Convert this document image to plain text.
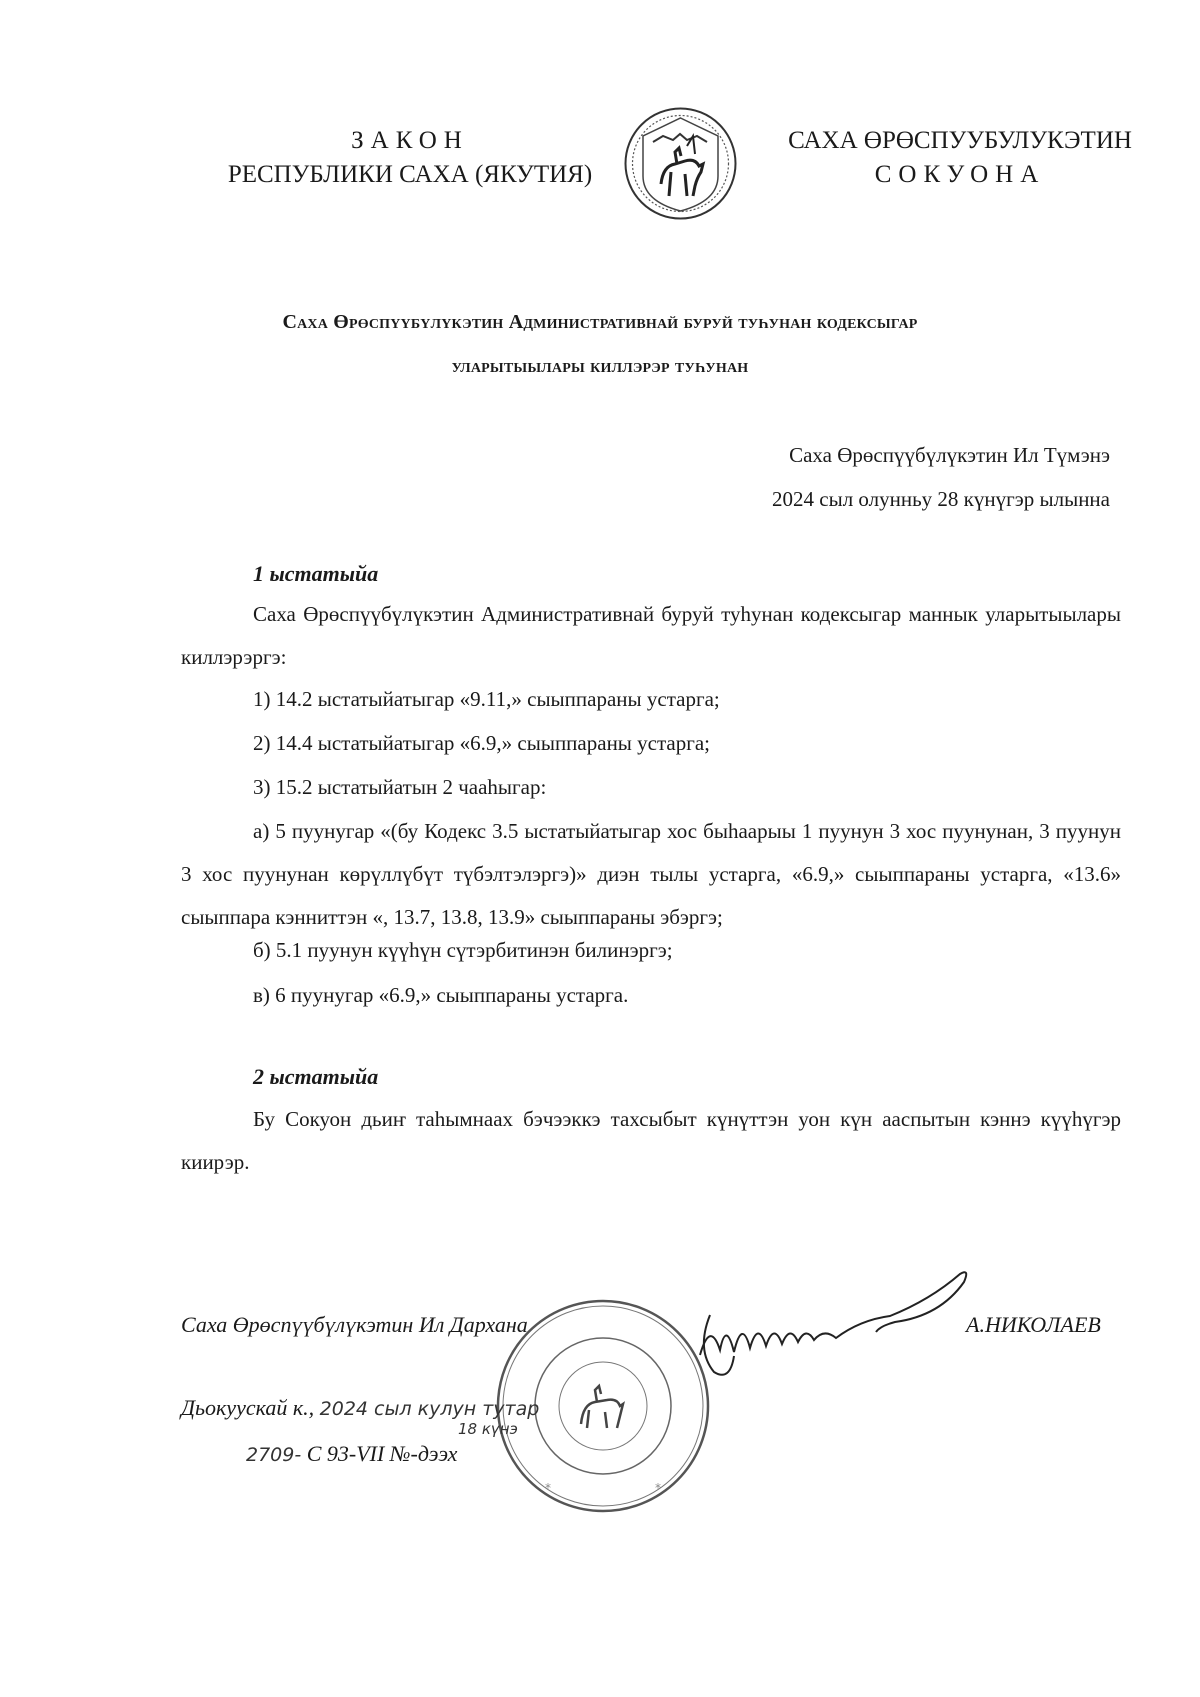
ЗАКОН
РЕСПУБЛИКИ САХА (ЯКУТИЯ)
САХА ӨРӨСПУУБУЛУКЭТИН
СОКУОНА
Саха Өрөспүүбүлүкэтин Административнай буруй туһунан кодексыгар
уларытыылары киллэрэр туһунан
Саха Өрөспүүбүлүкэтин Ил Түмэнэ
2024 сыл олунньу 28 күнүгэр ылынна
1 ыстатыйа
Саха Өрөспүүбүлүкэтин Административнай буруй туһунан кодексыгар маннык уларытыылары киллэрэргэ:
1) 14.2 ыстатыйатыгар «9.11,» сыыппараны устарга;
2) 14.4 ыстатыйатыгар «6.9,» сыыппараны устарга;
3) 15.2 ыстатыйатын 2 чааһыгар:
а) 5 пуунугар «(бу Кодекс 3.5 ыстатыйатыгар хос быһаарыы 1 пуунун 3 хос пуунунан, 3 пуунун 3 хос пуунунан көрүллүбүт түбэлтэлэргэ)» диэн тылы устарга, «6.9,» сыыппараны устарга, «13.6» сыыппара кэнниттэн «, 13.7, 13.8, 13.9» сыыппараны эбэргэ;
б) 5.1 пуунун күүһүн сүтэрбитинэн билинэргэ;
в) 6 пуунугар «6.9,» сыыппараны устарга.
2 ыстатыйа
Бу Сокуон дьиҥ таһымнаах бэчээккэ тахсыбыт күнүттэн уон күн ааспытын кэннэ күүһүгэр киирэр.
*	*
Саха Өрөспүүбүлүкэтин Ил Дархана	А.НИКОЛАЕВ
Дьокуускай к., 2024 сыл кулун тутар
18 күнэ
2709- С 93-VII №-дээх
